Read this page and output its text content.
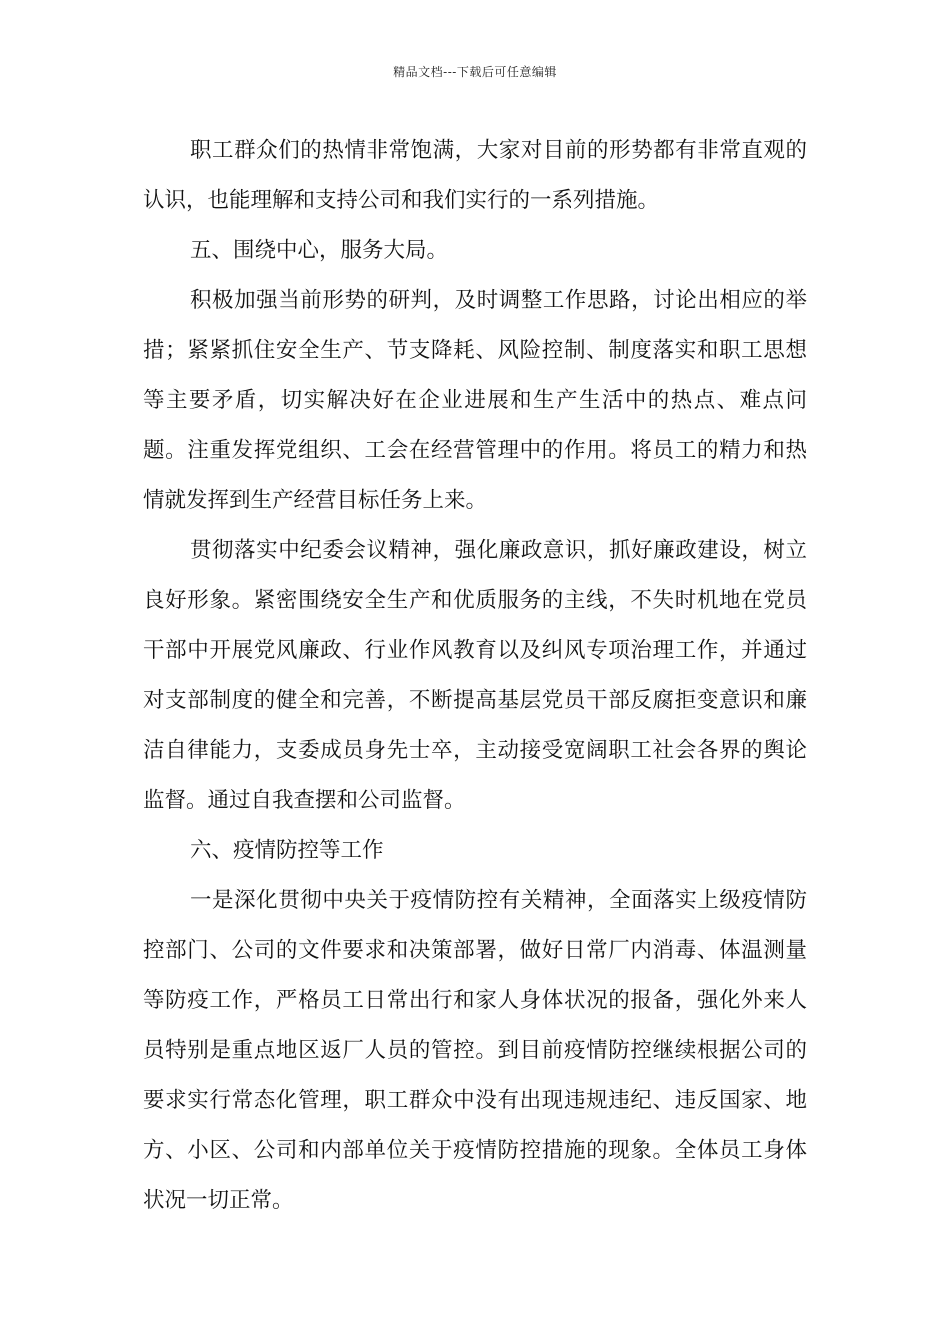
精品文档---下载后可任意编辑

职工群众们的热情非常饱满，大家对目前的形势都有非常直观的认识，也能理解和支持公司和我们实行的一系列措施。

五、围绕中心，服务大局。

积极加强当前形势的研判，及时调整工作思路，讨论出相应的举措；紧紧抓住安全生产、节支降耗、风险控制、制度落实和职工思想等主要矛盾，切实解决好在企业进展和生产生活中的热点、难点问题。注重发挥党组织、工会在经营管理中的作用。将员工的精力和热情就发挥到生产经营目标任务上来。

贯彻落实中纪委会议精神，强化廉政意识，抓好廉政建设，树立良好形象。紧密围绕安全生产和优质服务的主线，不失时机地在党员干部中开展党风廉政、行业作风教育以及纠风专项治理工作，并通过对支部制度的健全和完善，不断提高基层党员干部反腐拒变意识和廉洁自律能力，支委成员身先士卒，主动接受宽阔职工社会各界的舆论监督。通过自我查摆和公司监督。

六、疫情防控等工作

一是深化贯彻中央关于疫情防控有关精神，全面落实上级疫情防控部门、公司的文件要求和决策部署，做好日常厂内消毒、体温测量等防疫工作，严格员工日常出行和家人身体状况的报备，强化外来人员特别是重点地区返厂人员的管控。到目前疫情防控继续根据公司的要求实行常态化管理，职工群众中没有出现违规违纪、违反国家、地方、小区、公司和内部单位关于疫情防控措施的现象。全体员工身体状况一切正常。
